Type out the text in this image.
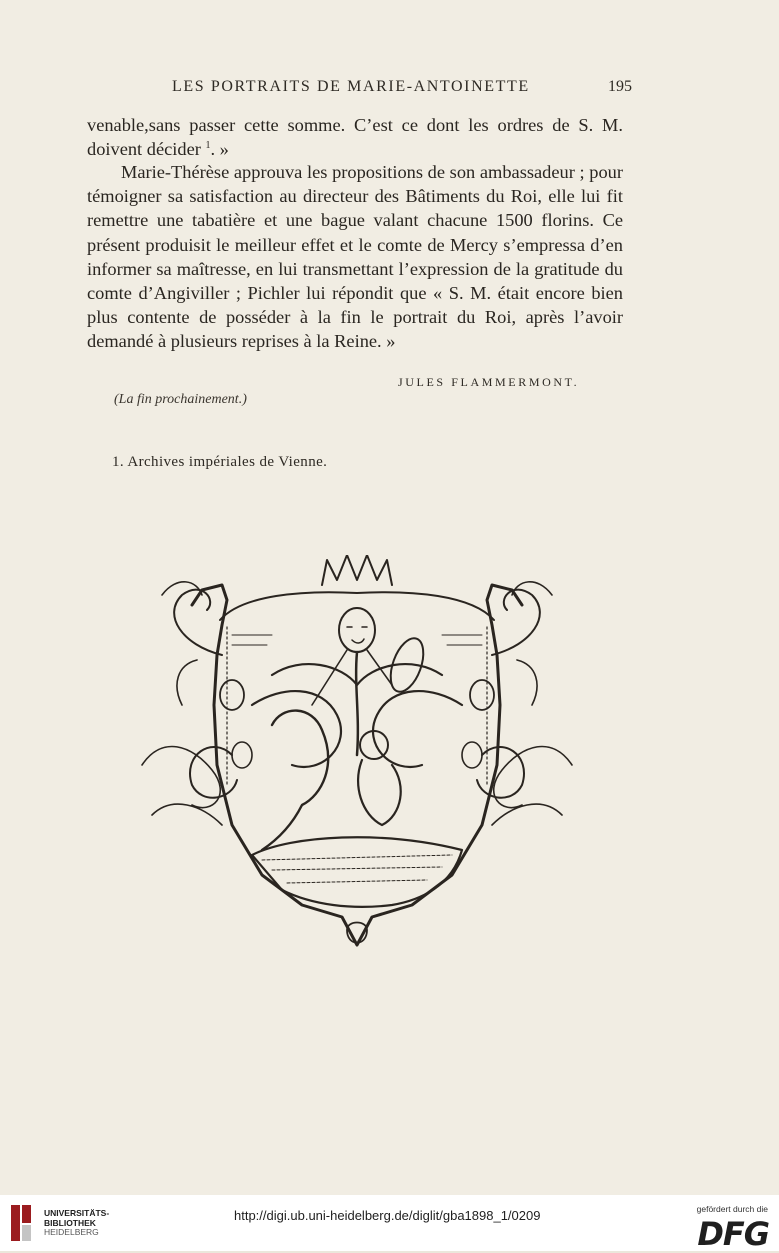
LES PORTRAITS DE MARIE-ANTOINETTE	195
venable,sans passer cette somme. C’est ce dont les ordres de S. M. doivent décider $^1$. »
Marie-Thérèse approuva les propositions de son ambassadeur ; pour témoigner sa satisfaction au directeur des Bâtiments du Roi, elle lui fit remettre une tabatière et une bague valant chacune 1500 florins. Ce présent produisit le meilleur effet et le comte de Mercy s’empressa d’en informer sa maîtresse, en lui transmettant l’expression de la gratitude du comte d’Angiviller ; Pichler lui répondit que « S. M. était encore bien plus contente de posséder à la fin le portrait du Roi, après l’avoir demandé à plusieurs reprises à la Reine. »
JULES FLAMMERMONT.
(La fin prochainement.)
1. Archives impériales de Vienne.
UNIVERSITÄTS-
BIBLIOTHEK
HEIDELBERG
http://digi.ub.uni-heidelberg.de/diglit/gba1898_1/0209	gefördert durch die
DFG
